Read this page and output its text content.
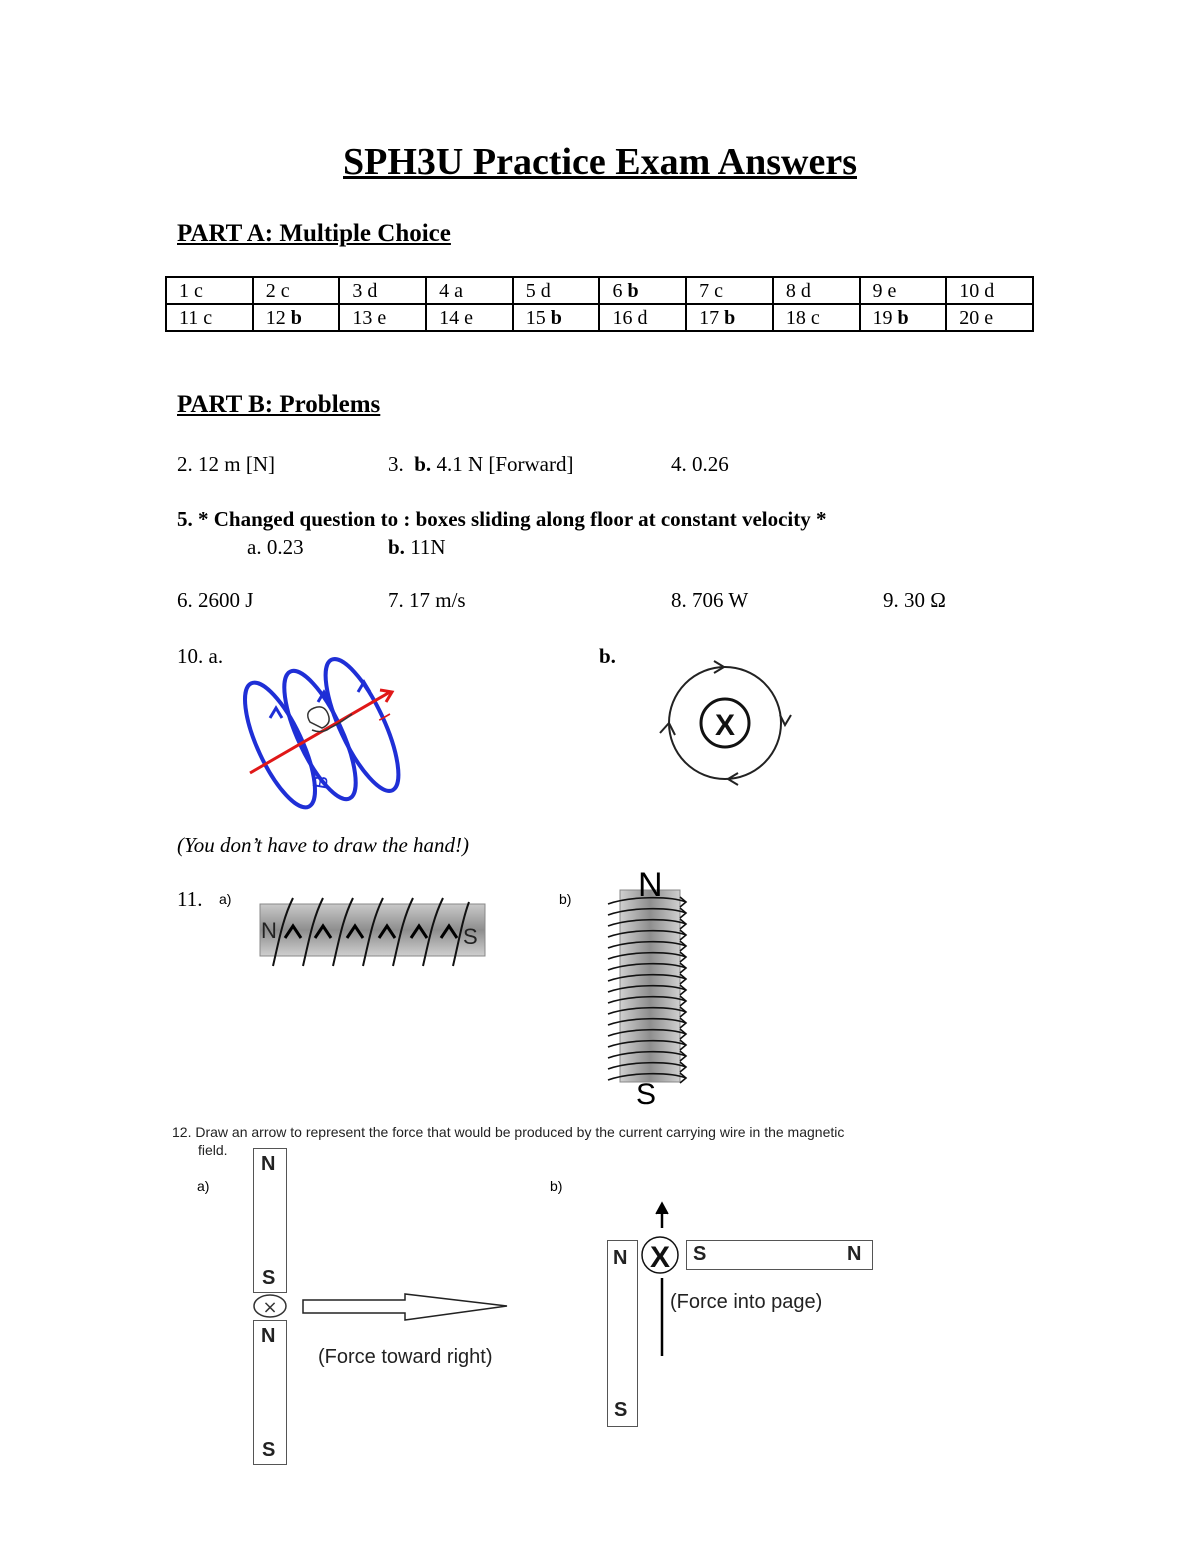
SPH3U Practice Exam Answers
PART A: Multiple Choice
1 c	2 c	3 d	4 a	5 d	6 b	7 c	8 d	9 e	10 d
11 c	12 b	13 e	14 e	15 b	16 d	17 b	18 c	19 b	20 e
PART B: Problems
2. 12 m [N]	3. b. 4.1 N [Forward]	4. 0.26
5. * Changed question to : boxes sliding along floor at constant velocity *
a. 0.23	b. 11N
6. 2600 J	7. 17 m/s	8. 706 W	9. 30 Ω
10. a.	b.
I
B
X
(You don’t have to draw the hand!)
11. a)	b)
N	S
N
S
12. Draw an arrow to represent the force that would be produced by the current carrying wire in the magnetic
field.
a)	b)
N
S
N
S
×
(Force toward right)
N
S
S	N
X
(Force into page)
